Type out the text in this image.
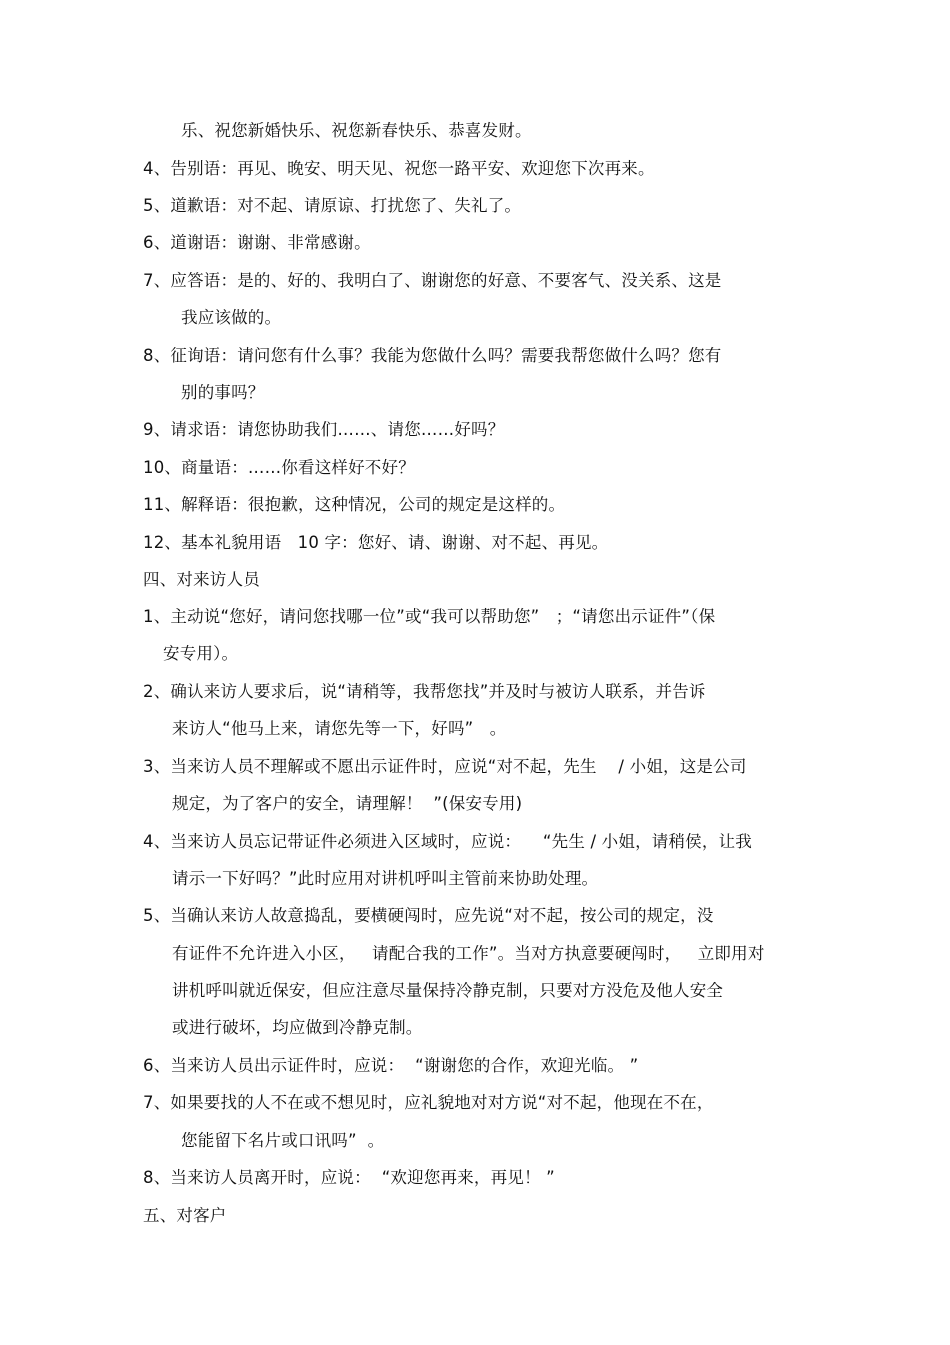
乐、祝您新婚快乐、祝您新春快乐、恭喜发财。
4、告别语：再见、晚安、明天见、祝您一路平安、欢迎您下次再来。
5、道歉语：对不起、请原谅、打扰您了、失礼了。
6、道谢语：谢谢、非常感谢。
7、应答语：是的、好的、我明白了、谢谢您的好意、不要客气、没关系、这是
我应该做的。
8、征询语：请问您有什么事？我能为您做什么吗？需要我帮您做什么吗？您有
别的事吗？
9、请求语：请您协助我们……、请您……好吗？
10、商量语：……你看这样好不好？
11、解释语：很抱歉，这种情况，公司的规定是这样的。
12、基本礼貌用语   10 字：您好、请、谢谢、对不起、再见。
四、对来访人员
1、主动说“您好，请问您找哪一位”或“我可以帮助您”   ；“请您出示证件”（保
安专用）。
2、确认来访人要求后，说“请稍等，我帮您找”并及时与被访人联系，并告诉
来访人“他马上来，请您先等一下，好吗”   。
3、当来访人员不理解或不愿出示证件时，应说“对不起，先生    / 小姐，这是公司
规定，为了客户的安全，请理解！  ”(保安专用)
4、当来访人员忘记带证件必须进入区域时，应说：    “先生 / 小姐，请稍侯，让我
请示一下好吗？”此时应用对讲机呼叫主管前来协助处理。
5、当确认来访人故意捣乱，要横硬闯时，应先说“对不起，按公司的规定，没
有证件不允许进入小区，   请配合我的工作”。当对方执意要硬闯时，   立即用对
讲机呼叫就近保安，但应注意尽量保持冷静克制，只要对方没危及他人安全
或进行破坏，均应做到冷静克制。
6、当来访人员出示证件时，应说：  “谢谢您的合作，欢迎光临。 ”
7、如果要找的人不在或不想见时，应礼貌地对对方说“对不起，他现在不在，
您能留下名片或口讯吗”  。
8、当来访人员离开时，应说：  “欢迎您再来，再见！ ”
五、对客户
